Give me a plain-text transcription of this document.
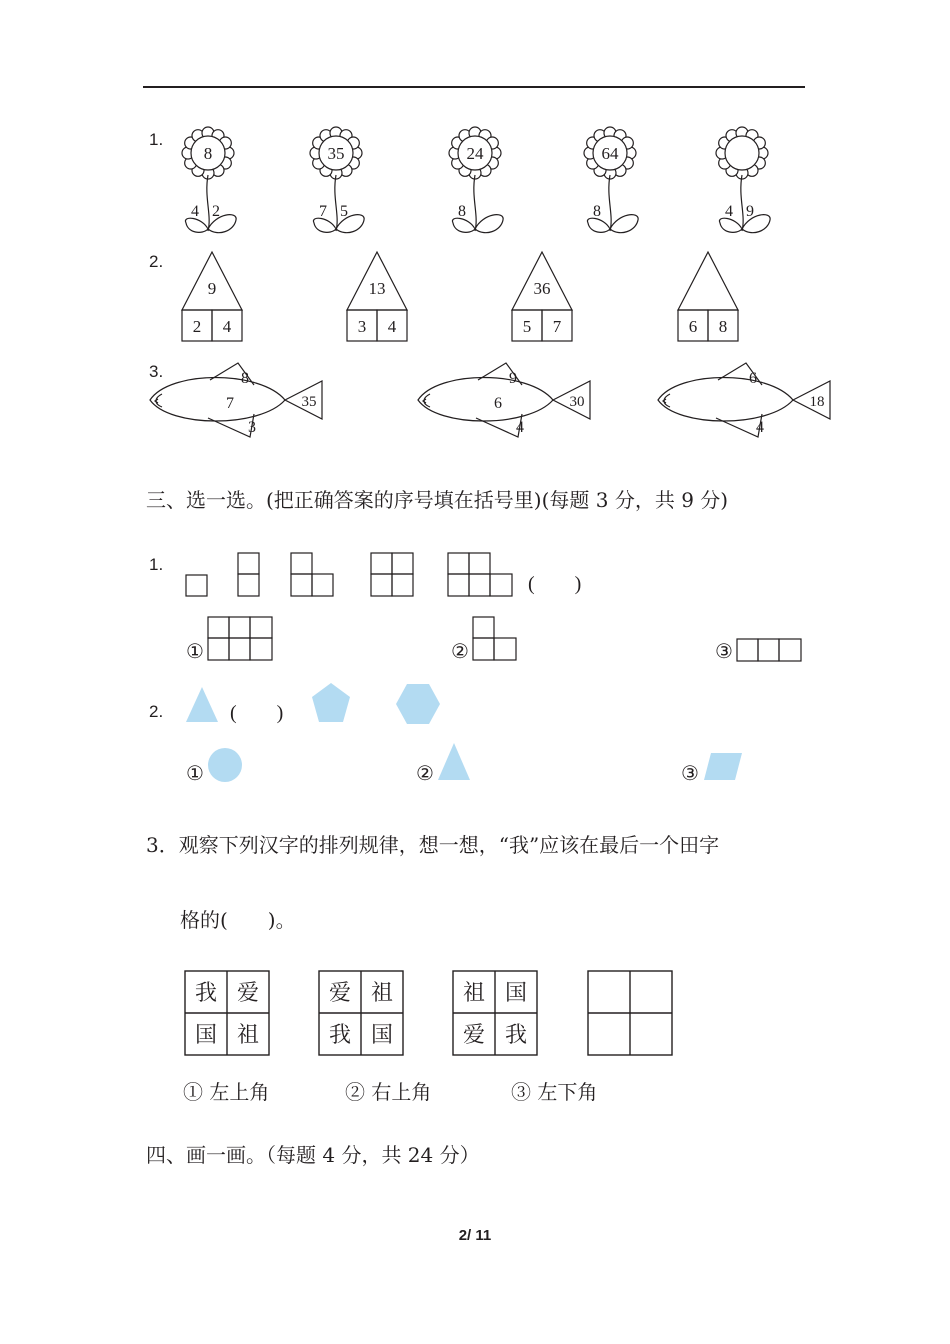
1.
8
4 2
35
7 5
24
8
64
8	4 9
2.
9
2 4
13
3 4
36
5 7	6 8
3.	8
7
3
35
9
6
4
30
6
4
18
三、选一选。(把正确答案的序号填在括号里)(每题 3 分，共 9 分)
1.
(        )
①	②	③
2.	(        )
①	②	③
3．观察下列汉字的排列规律，想一想，“我”应该在最后一个田字
格的(　　)。
我 爱
国 祖
爱 祖
我 国
祖 国
爱 我
① 左上角	② 右上角	③ 左下角
四、画一画。（每题 4 分，共 24 分）
2/ 11
